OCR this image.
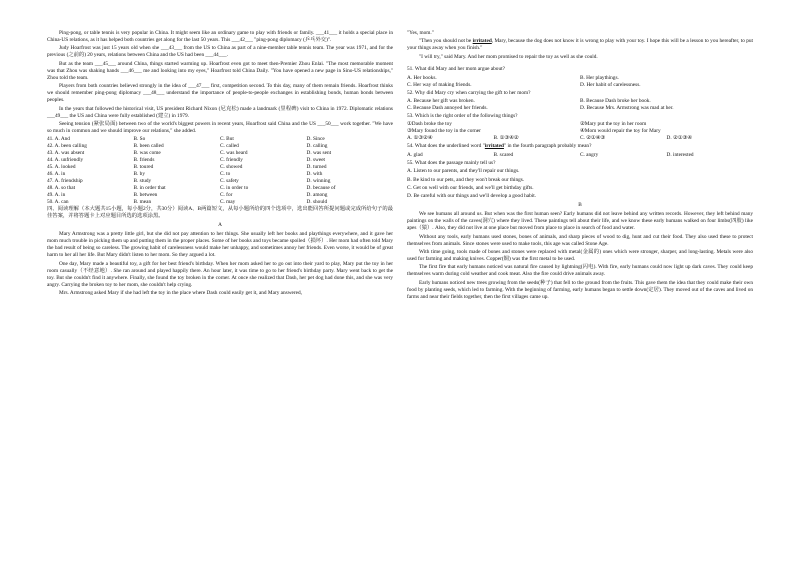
Ping-pong, or table tennis is very popular in China. It might seem like an ordinary game to play with friends or family. ___41___ it holds a special place in China-US relations, as it has helped both countries get along for the last 50 years. This ___42___ "ping-pong diplomacy (乒乓外交)".

Judy Hoarfrost was just 15 years old when she ___43___ from the US to China as part of a nine-member table tennis team. The year was 1971, and for the previous (之前的) 20 years, relations between China and the US had been ___44___.

But as the team ___45___ around China, things started warming up. Hoarfrost even got to meet then-Premier Zhou Enlai. "The most memorable moment was that Zhou was shaking hands ___46___ me and looking into my eyes," Hoarfrost told China Daily. "You have opened a new page in Sino-US relationships," Zhou told the team.

Players from both countries believed strongly in the idea of ___47___ first, competition second. To this day, many of them remain friends. Hoarfrost thinks we should remember ping-pong diplomacy ___48___ understand the importance of people-to-people exchanges in establishing bonds, human bonds between peoples.

In the years that followed the historical visit, US president Richard Nixon (尼克松) made a landmark (里程碑) visit to China in 1972. Diplomatic relations ___49___ the US and China were fully established (建立) in 1979.

Seeing tension (紧张局面) between two of the world's biggest powers in recent years, Hoarfrost said China and the US ___50___ work together. "We have so much in common and we should improve our relations," she added.

41. A. And	B. So	C. But	D. Since
42. A. been calling	B. been called	C. called	D. calling
43. A. was absent	B. was come	C. was heard	D. was sent
44. A. unfriendly	B. friends	C. friendly	D. sweet
45. A. looked	B. toured	C. showed	D. turned
46. A. in	B. by	C. to	D. with
47. A. friendship	B. study	C. safety	D. winning
48. A. so that	B. in order that	C. in order to	D. because of
49. A. in	B. between	C. for	D. among
50. A. can	B. mean	C. may	D. should

四、阅读理解（本大题共15小题，每小题2分，共30分）阅读A、B两篇短文，从每小题所给的四个选项中，选出能回答所提问题或完成所给句子的最佳答案，并将答题卡上对应题目所选的选项涂黑。

A

Mary Armstrong was a pretty little girl, but she did not pay attention to her things. She usually left her books and playthings everywhere, and it gave her mom much trouble in picking them up and putting them in the proper places. Some of her books and toys became spoiled（损坏）. Her mom had often told Mary the bad result of being so careless. The growing habit of carelessness would make her unhappy, and sometimes annoy her friends. Even worse, it would be of great harm to her all her life. But Mary didn't listen to her mom. So they argued a lot.

One day, Mary made a beautiful toy, a gift for her best friend's birthday. When her mom asked her to go out into their yard to play, Mary put the toy in her room casually（不经意地）. She ran around and played happily there. An hour later, it was time to go to her friend's birthday party. Mary went back to get the toy. But she couldn't find it anywhere. Finally, she found the toy broken in the corner. At once she realized that Dash, her pet dog had done this, and she was very angry. Carrying the broken toy to her mom, she couldn't help crying.

Mrs. Armstrong asked Mary if she had left the toy in the place where Dash could easily get it, and Mary answered,

"Yes, mom."

"Then you should not be irritated, Mary, because the dog does not know it is wrong to play with your toy. I hope this will be a lesson to you hereafter, to put your things away when you finish."

"I will try," said Mary. And her mom promised to repair the toy as well as she could.

51. What did Mary and her mom argue about?

A. Her books.	B. Her playthings.
C. Her way of making friends.	D. Her habit of carelessness.

52. Why did Mary cry when carrying the gift to her mom?

A. Because her gift was broken.	B. Because Dash broke her book.
C. Because Dash annoyed her friends.	D. Because Mrs. Armstrong was mad at her.

53. Which is the right order of the following things?

①Dash broke the toy	②Mary put the toy in her room
③Mary found the toy in the corner	④Mom would repair the toy for Mary
A. ①③②④	B. ①③④②	C. ②①④③	D. ②①③④

54. What does the underlined word "irritated" in the fourth paragraph probably mean?

A. glad	B. scared	C. angry	D. interested

55. What does the passage mainly tell us?

A. Listen to our parents, and they'll repair our things.

B. Be kind to our pets, and they won't break our things.

C. Get on well with our friends, and we'll get birthday gifts.

D. Be careful with our things and we'll develop a good habit.

B

We see humans all around us. But when was the first human seen? Early humans did not leave behind any written records. However, they left behind many paintings on the walls of the caves(洞穴) where they lived. These paintings tell about their life, and we know these early humans walked on four limbs(四肢) like apes（猿）. Also, they did not live at one place but moved from place to place in search of food and water.

Without any tools, early humans used stones, bones of animals, and sharp pieces of wood to dig, hunt and cut their food. They also used these to protect themselves from animals. Since stones were used to make tools, this age was called Stone Age.

With time going, tools made of bones and stones were replaced with metal(金属的) ones which were stronger, sharper, and long-lasting. Metals were also used for farming and making knives. Copper(铜) was the first metal to be used.

The first fire that early humans noticed was natural fire caused by lightning(闪电). With fire, early humans could now light up dark caves. They could keep themselves warm during cold weather and cook meat. Also the fire could drive animals away.

Early humans noticed new trees growing from the seeds(种子) that fell to the ground from the fruits. This gave them the idea that they could make their own food by planting seeds, which led to farming. With the beginning of farming, early humans began to settle down(定居). They moved out of the caves and lived on farms and near their fields together, then the first villages came up.
